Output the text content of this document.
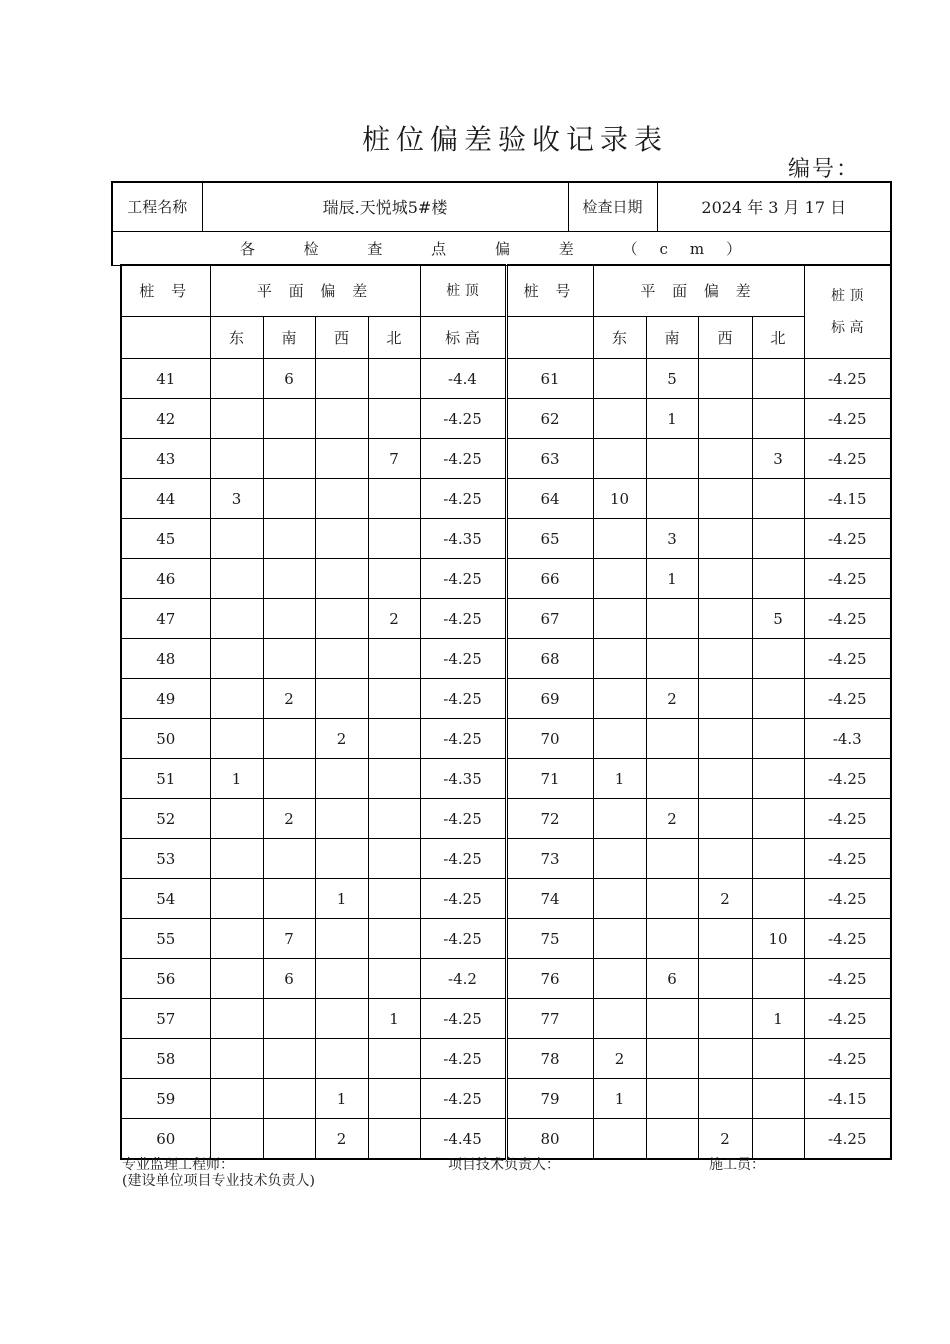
桩位偏差验收记录表
编号：
工程名称	瑞辰.天悦城5#楼	检查日期	2024 年 3 月 17 日
各 检 查 点 偏 差 （cm）
桩 号	平 面 偏 差				桩 顶	桩 号	平 面 偏 差				桩 顶
标 高

	东	南	西	北	标 高		东	南	西	北	
41		6			-4.4	61		5			-4.25
42					-4.25	62		1			-4.25
43				7	-4.25	63				3	-4.25
44	3				-4.25	64	10				-4.15
45					-4.35	65		3			-4.25
46					-4.25	66		1			-4.25
47				2	-4.25	67				5	-4.25
48					-4.25	68					-4.25
49		2			-4.25	69		2			-4.25
50			2		-4.25	70					-4.3
51	1				-4.35	71	1				-4.25
52		2			-4.25	72		2			-4.25
53					-4.25	73					-4.25
54			1		-4.25	74			2		-4.25
55		7			-4.25	75				10	-4.25
56		6			-4.2	76		6			-4.25
57				1	-4.25	77				1	-4.25
58					-4.25	78	2				-4.25
59			1		-4.25	79	1				-4.15
60			2		-4.45	80			2		-4.25
专业监理工程师：	项目技术负责人：	施工员：
(建设单位项目专业技术负责人)
